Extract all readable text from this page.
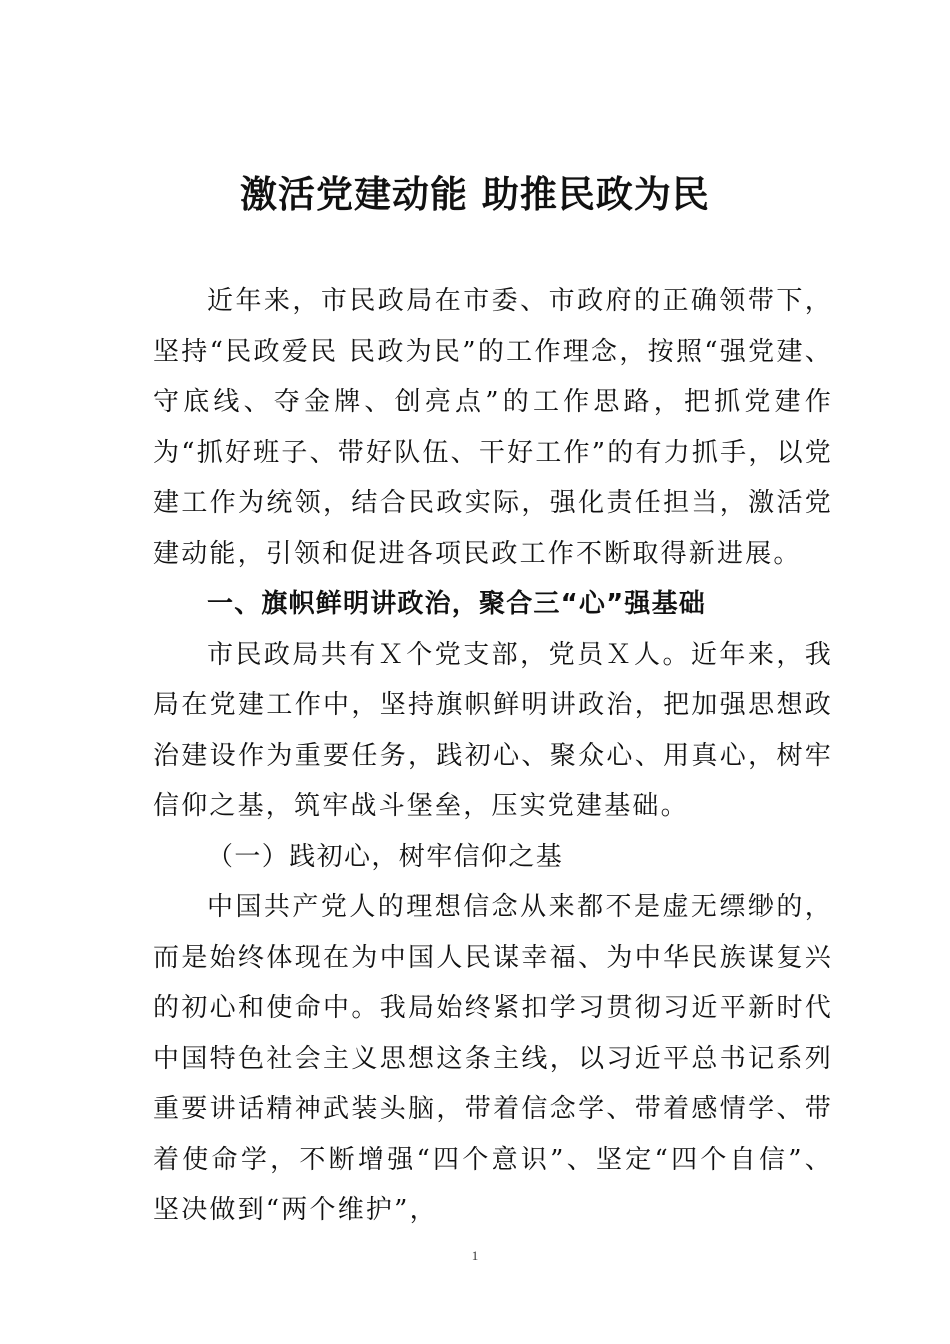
激活党建动能 助推民政为民

近年来，市民政局在市委、市政府的正确领带下，坚持“民政爱民 民政为民”的工作理念，按照“强党建、守底线、夺金牌、创亮点”的工作思路，把抓党建作为“抓好班子、带好队伍、干好工作”的有力抓手，以党建工作为统领，结合民政实际，强化责任担当，激活党建动能，引领和促进各项民政工作不断取得新进展。

一、旗帜鲜明讲政治，聚合三“心”强基础

市民政局共有Ｘ个党支部，党员Ｘ人。近年来，我局在党建工作中，坚持旗帜鲜明讲政治，把加强思想政治建设作为重要任务，践初心、聚众心、用真心，树牢信仰之基，筑牢战斗堡垒，压实党建基础。

（一）践初心，树牢信仰之基

中国共产党人的理想信念从来都不是虚无缥缈的，而是始终体现在为中国人民谋幸福、为中华民族谋复兴的初心和使命中。我局始终紧扣学习贯彻习近平新时代中国特色社会主义思想这条主线，以习近平总书记系列重要讲话精神武装头脑，带着信念学、带着感情学、带着使命学，不断增强“四个意识”、坚定“四个自信”、坚决做到“两个维护”，

1
